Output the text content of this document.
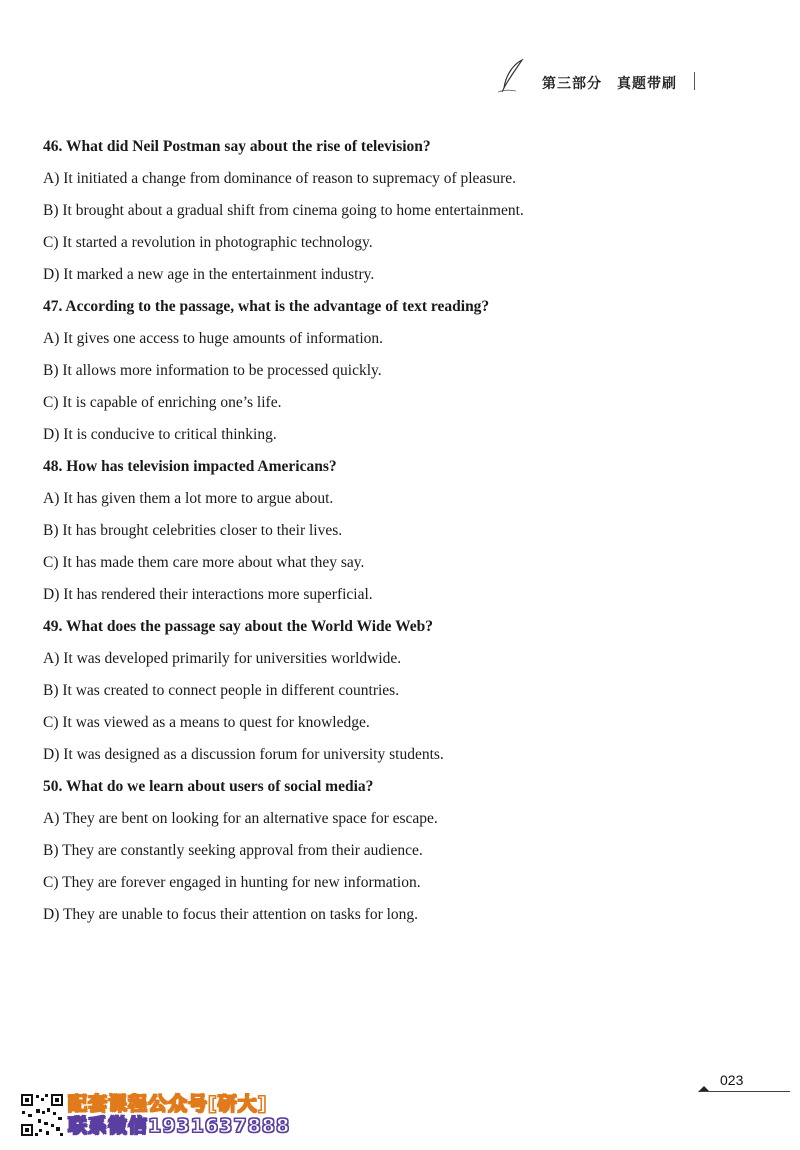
第三部分　真题带刷
46. What did Neil Postman say about the rise of television?
A) It initiated a change from dominance of reason to supremacy of pleasure.
B) It brought about a gradual shift from cinema going to home entertainment.
C) It started a revolution in photographic technology.
D) It marked a new age in the entertainment industry.
47. According to the passage, what is the advantage of text reading?
A) It gives one access to huge amounts of information.
B) It allows more information to be processed quickly.
C) It is capable of enriching one’s life.
D) It is conducive to critical thinking.
48. How has television impacted Americans?
A) It has given them a lot more to argue about.
B) It has brought celebrities closer to their lives.
C) It has made them care more about what they say.
D) It has rendered their interactions more superficial.
49. What does the passage say about the World Wide Web?
A) It was developed primarily for universities worldwide.
B) It was created to connect people in different countries.
C) It was viewed as a means to quest for knowledge.
D) It was designed as a discussion forum for university students.
50. What do we learn about users of social media?
A) They are bent on looking for an alternative space for escape.
B) They are constantly seeking approval from their audience.
C) They are forever engaged in hunting for new information.
D) They are unable to focus their attention on tasks for long.
023
配套课程公众号[研大]
联系微信1931637888
